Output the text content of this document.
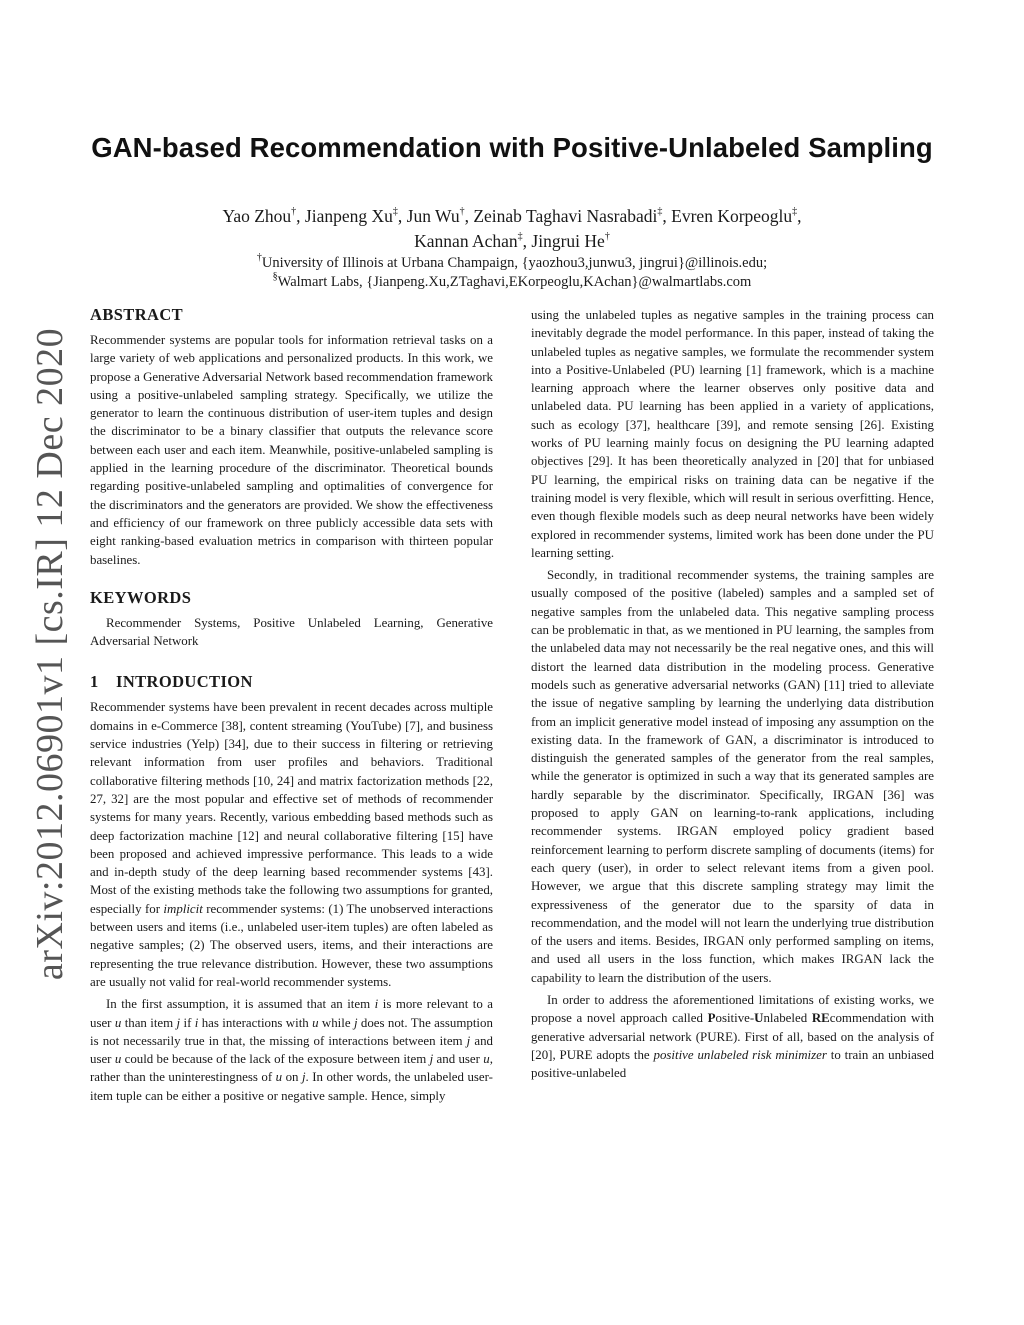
arXiv:2012.06901v1 [cs.IR] 12 Dec 2020
GAN-based Recommendation with Positive-Unlabeled Sampling
Yao Zhou†, Jianpeng Xu‡, Jun Wu†, Zeinab Taghavi Nasrabadi‡, Evren Korpeoglu‡,
Kannan Achan‡, Jingrui He†
†University of Illinois at Urbana Champaign, {yaozhou3,junwu3, jingrui}@illinois.edu;
§Walmart Labs, {Jianpeng.Xu,ZTaghavi,EKorpeoglu,KAchan}@walmartlabs.com
ABSTRACT

Recommender systems are popular tools for information retrieval tasks on a large variety of web applications and personalized products. In this work, we propose a Generative Adversarial Network based recommendation framework using a positive-unlabeled sampling strategy. Specifically, we utilize the generator to learn the continuous distribution of user-item tuples and design the discriminator to be a binary classifier that outputs the relevance score between each user and each item. Meanwhile, positive-unlabeled sampling is applied in the learning procedure of the discriminator. Theoretical bounds regarding positive-unlabeled sampling and optimalities of convergence for the discriminators and the generators are provided. We show the effectiveness and efficiency of our framework on three publicly accessible data sets with eight ranking-based evaluation metrics in comparison with thirteen popular baselines.

KEYWORDS

Recommender Systems, Positive Unlabeled Learning, Generative Adversarial Network

1 INTRODUCTION

Recommender systems have been prevalent in recent decades across multiple domains in e-Commerce [38], content streaming (YouTube) [7], and business service industries (Yelp) [34], due to their success in filtering or retrieving relevant information from user profiles and behaviors. Traditional collaborative filtering methods [10, 24] and matrix factorization methods [22, 27, 32] are the most popular and effective set of methods of recommender systems for many years. Recently, various embedding based methods such as deep factorization machine [12] and neural collaborative filtering [15] have been proposed and achieved impressive performance. This leads to a wide and in-depth study of the deep learning based recommender systems [43]. Most of the existing methods take the following two assumptions for granted, especially for implicit recommender systems: (1) The unobserved interactions between users and items (i.e., unlabeled user-item tuples) are often labeled as negative samples; (2) The observed users, items, and their interactions are representing the true relevance distribution. However, these two assumptions are usually not valid for real-world recommender systems.

In the first assumption, it is assumed that an item i is more relevant to a user u than item j if i has interactions with u while j does not. The assumption is not necessarily true in that, the missing of interactions between item j and user u could be because of the lack of the exposure between item j and user u, rather than the uninterestingness of u on j. In other words, the unlabeled user-item tuple can be either a positive or negative sample. Hence, simply

using the unlabeled tuples as negative samples in the training process can inevitably degrade the model performance. In this paper, instead of taking the unlabeled tuples as negative samples, we formulate the recommender system into a Positive-Unlabeled (PU) learning [1] framework, which is a machine learning approach where the learner observes only positive data and unlabeled data. PU learning has been applied in a variety of applications, such as ecology [37], healthcare [39], and remote sensing [26]. Existing works of PU learning mainly focus on designing the PU learning adapted objectives [29]. It has been theoretically analyzed in [20] that for unbiased PU learning, the empirical risks on training data can be negative if the training model is very flexible, which will result in serious overfitting. Hence, even though flexible models such as deep neural networks have been widely explored in recommender systems, limited work has been done under the PU learning setting.

Secondly, in traditional recommender systems, the training samples are usually composed of the positive (labeled) samples and a sampled set of negative samples from the unlabeled data. This negative sampling process can be problematic in that, as we mentioned in PU learning, the samples from the unlabeled data may not necessarily be the real negative ones, and this will distort the learned data distribution in the modeling process. Generative models such as generative adversarial networks (GAN) [11] tried to alleviate the issue of negative sampling by learning the underlying data distribution from an implicit generative model instead of imposing any assumption on the existing data. In the framework of GAN, a discriminator is introduced to distinguish the generated samples of the generator from the real samples, while the generator is optimized in such a way that its generated samples are hardly separable by the discriminator. Specifically, IRGAN [36] was proposed to apply GAN on learning-to-rank applications, including recommender systems. IRGAN employed policy gradient based reinforcement learning to perform discrete sampling of documents (items) for each query (user), in order to select relevant items from a given pool. However, we argue that this discrete sampling strategy may limit the expressiveness of the generator due to the sparsity of data in recommendation, and the model will not learn the underlying true distribution of the users and items. Besides, IRGAN only performed sampling on items, and used all users in the loss function, which makes IRGAN lack the capability to learn the distribution of the users.

In order to address the aforementioned limitations of existing works, we propose a novel approach called Positive-Unlabeled REcommendation with generative adversarial network (PURE). First of all, based on the analysis of [20], PURE adopts the positive unlabeled risk minimizer to train an unbiased positive-unlabeled
